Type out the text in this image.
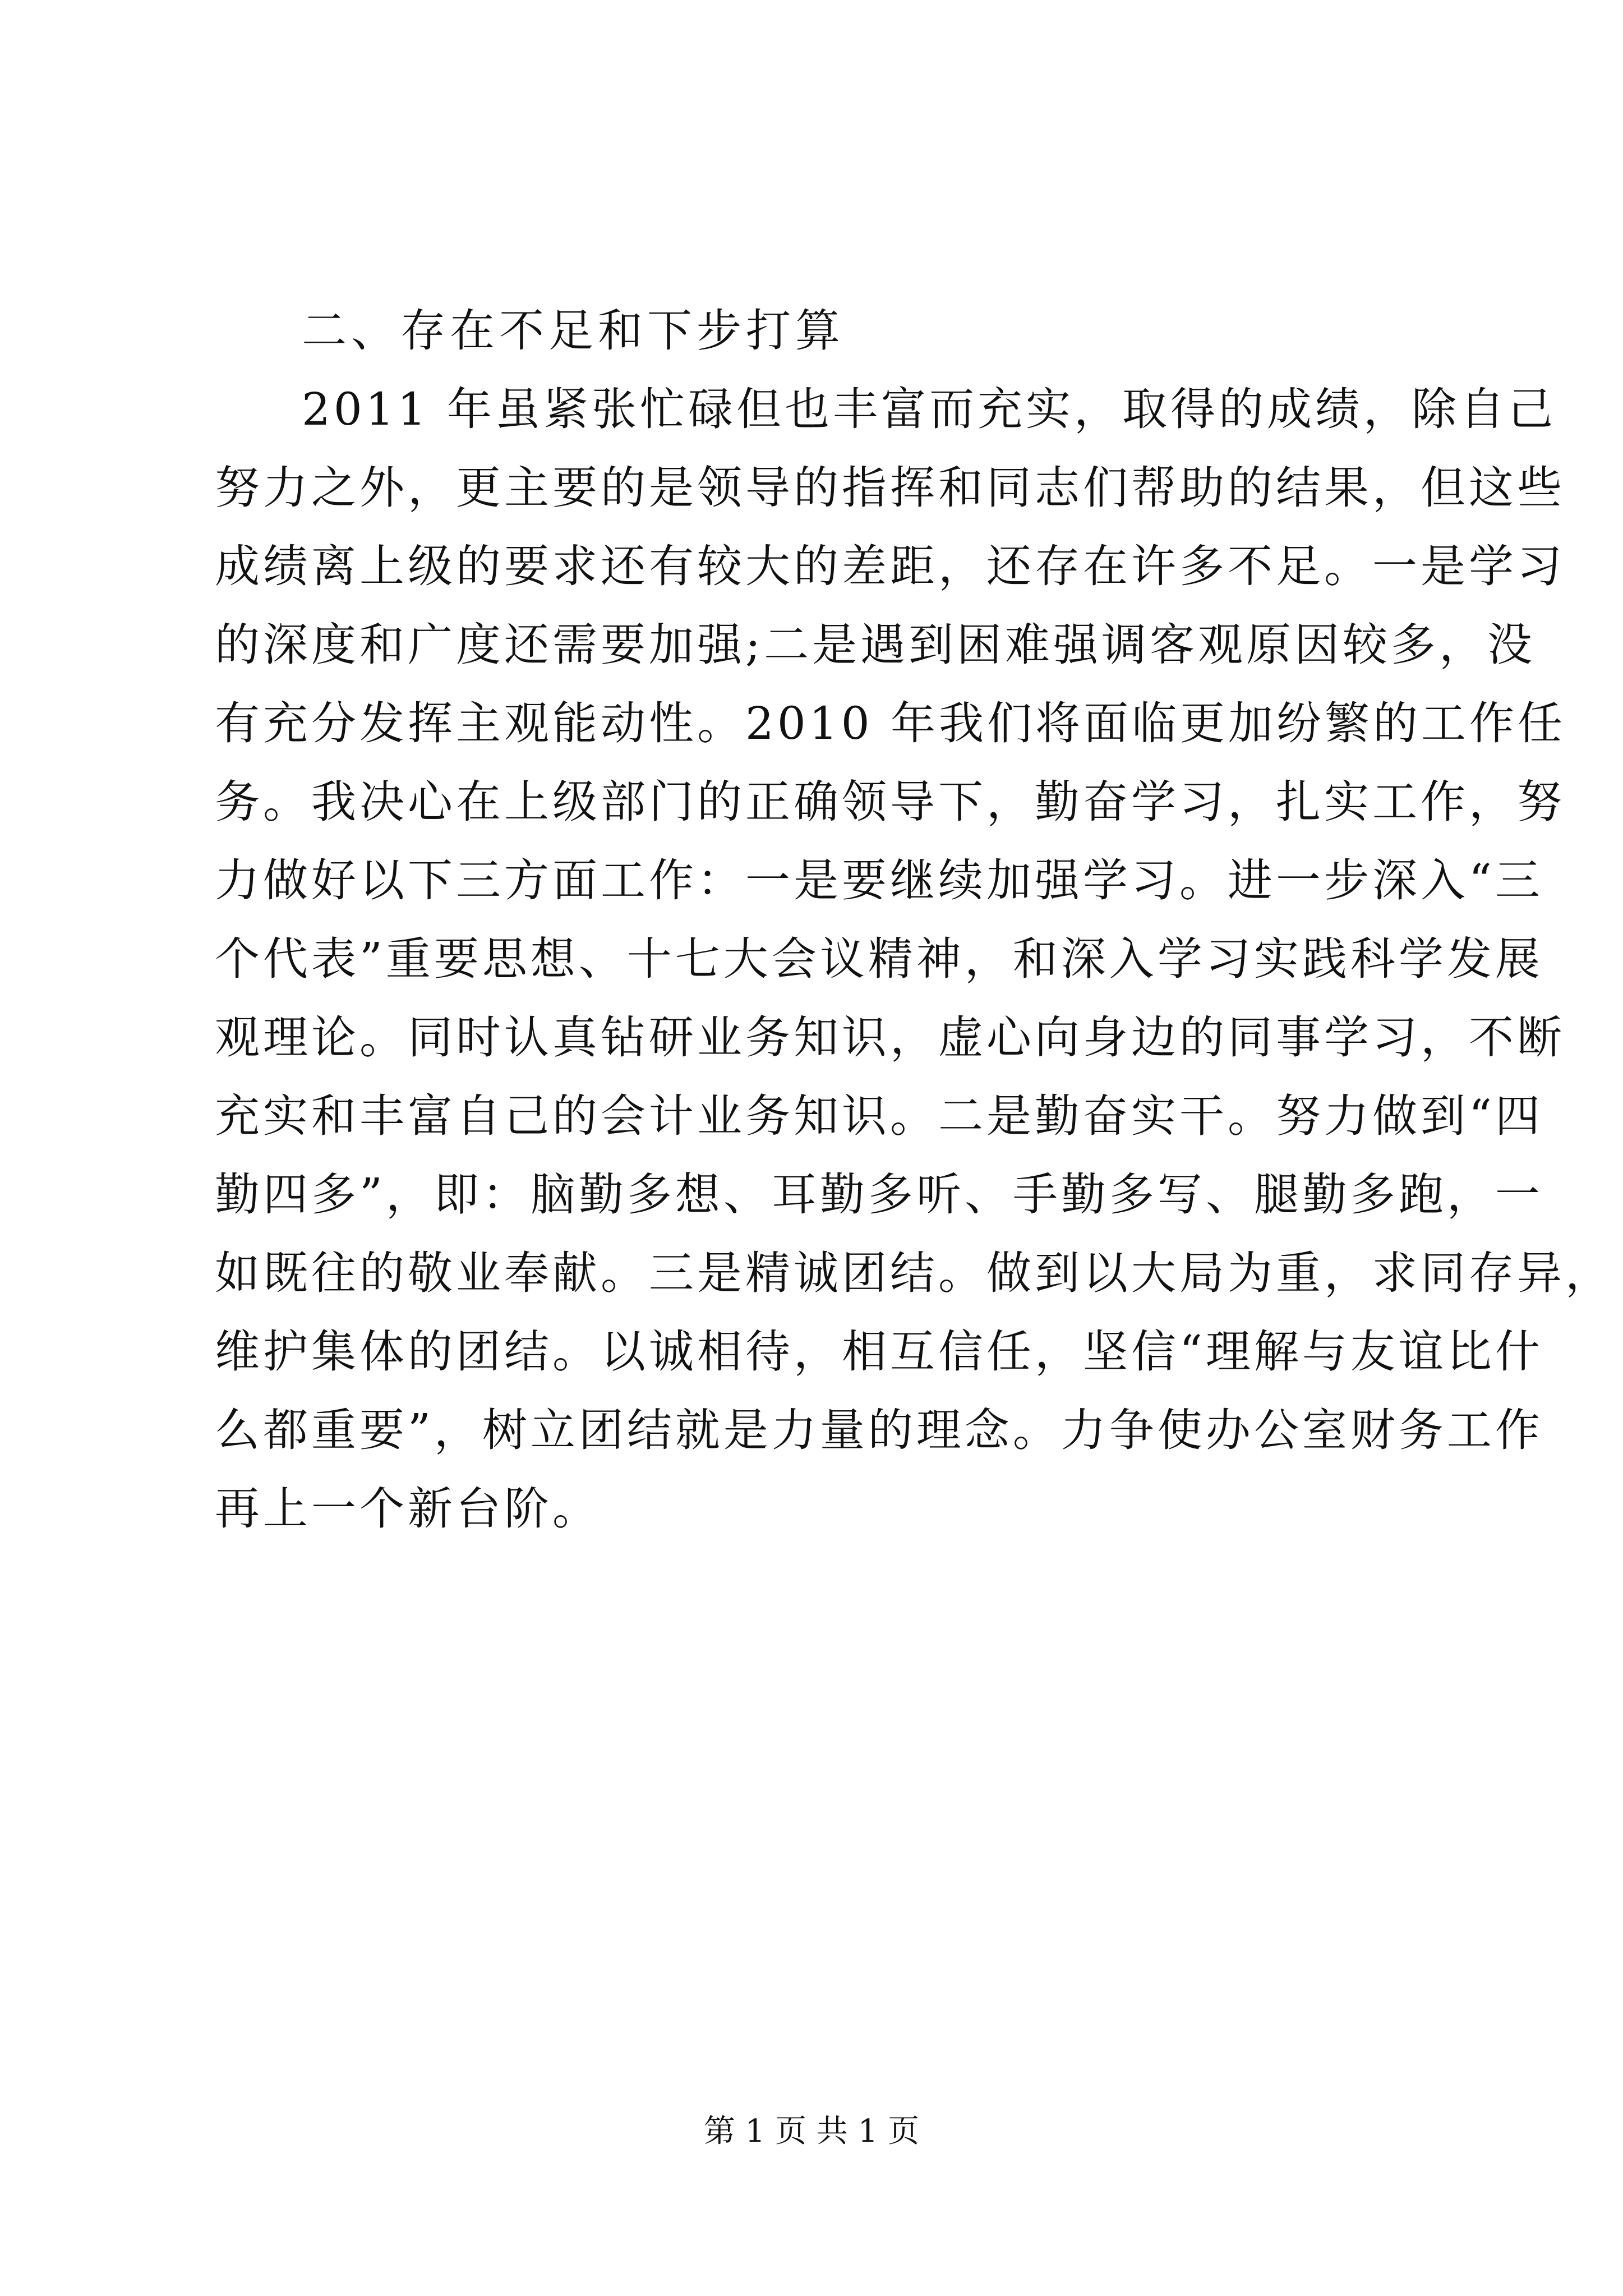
二、存在不足和下步打算
2011 年虽紧张忙碌但也丰富而充实，取得的成绩，除自己
努力之外，更主要的是领导的指挥和同志们帮助的结果，但这些
成绩离上级的要求还有较大的差距，还存在许多不足。一是学习
的深度和广度还需要加强;二是遇到困难强调客观原因较多，没
有充分发挥主观能动性。2010 年我们将面临更加纷繁的工作任
务。我决心在上级部门的正确领导下，勤奋学习，扎实工作，努
力做好以下三方面工作：一是要继续加强学习。进一步深入“三
个代表”重要思想、十七大会议精神，和深入学习实践科学发展
观理论。同时认真钻研业务知识，虚心向身边的同事学习，不断
充实和丰富自己的会计业务知识。二是勤奋实干。努力做到“四
勤四多”，即：脑勤多想、耳勤多听、手勤多写、腿勤多跑，一
如既往的敬业奉献。三是精诚团结。做到以大局为重，求同存异，
维护集体的团结。以诚相待，相互信任，坚信“理解与友谊比什
么都重要”，树立团结就是力量的理念。力争使办公室财务工作
再上一个新台阶。
第 1 页 共 1 页
